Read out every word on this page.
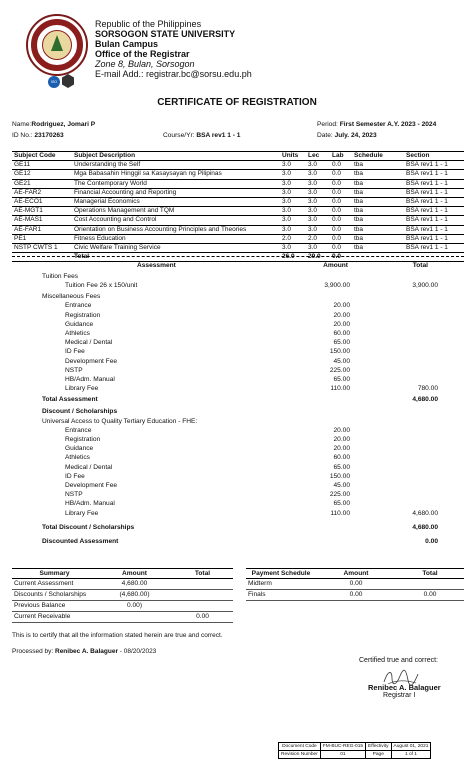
ISO
Republic of the Philippines
SORSOGON STATE UNIVERSITY
Bulan Campus
Office of the Registrar
Zone 8, Bulan, Sorsogon
E-mail Add.: registrar.bc@sorsu.edu.ph
CERTIFICATE OF REGISTRATION
Name:Rodriguez, Jomari P
ID No.: 23170263	Course/Yr: BSA rev1 1 - 1
Period: First Semester A.Y. 2023 - 2024
Date: July. 24, 2023
Subject Code	Subject Description	Units	Lec	Lab	Schedule	Section
GE11	Understanding the Self	3.0	3.0	0.0	tba	BSA rev1 1 - 1
GE12	Mga Babasahin Hinggil sa Kasaysayan ng Pilipinas	3.0	3.0	0.0	tba	BSA rev1 1 - 1
GE21	The Contemporary World	3.0	3.0	0.0	tba	BSA rev1 1 - 1
AE-FAR2	Financial Accounting and Reporting	3.0	3.0	0.0	tba	BSA rev1 1 - 1
AE-ECO1	Managerial Economics	3.0	3.0	0.0	tba	BSA rev1 1 - 1
AE-MGT1	Operations Management and TQM	3.0	3.0	0.0	tba	BSA rev1 1 - 1
AE-MAS1	Cost Accounting and Control	3.0	3.0	0.0	tba	BSA rev1 1 - 1
AE-FAR1	Orientation on Business Accounting Principles and Theories	3.0	3.0	0.0	tba	BSA rev1 1 - 1
PE1	Fitness Education	2.0	2.0	0.0	tba	BSA rev1 1 - 1
NSTP CWTS 1	Civic Welfare Training Service	3.0	3.0	0.0	tba	BSA rev1 1 - 1
	Total	26.0	29.0	0.0		
Assessment	Amount	Total
Tuition Fees
Tuition Fee 26 x 150/unit	3,900.00	3,900.00
Miscellaneous Fees
Entrance	20.00
Registration	20.00
Guidance	20.00
Athletics	60.00
Medical / Dental	65.00
ID Fee	150.00
Development Fee	45.00
NSTP	225.00
HB/Adm. Manual	65.00
Library Fee	110.00	780.00
Total Assessment	4,680.00
Discount / Scholarships
Universal Access to Quality Tertiary Education - FHE:
Entrance	20.00
Registration	20.00
Guidance	20.00
Athletics	60.00
Medical / Dental	65.00
ID Fee	150.00
Development Fee	45.00
NSTP	225.00
HB/Adm. Manual	65.00
Library Fee	110.00	4,680.00
Total Discount / Scholarships	4,680.00
Discounted Assessment	0.00
Summary	Amount	Total
Current Assessment	4,680.00	
Discounts / Scholarships	(4,680.00)	
Previous Balance	0.00)	
Current Receivable		0.00
Payment Schedule	Amount	Total
Midterm	0.00	
Finals	0.00	0.00
This is to certify that all the information stated herein are true and correct.
Processed by: Renibec A. Balaguer - 08/20/2023
Certified true and correct:
Renibec A. Balaguer
Registrar I
Document Code	FM-BUC-REG-015	Effectivity	August 01, 2021
Revision Number	01	Page	1 of 1
